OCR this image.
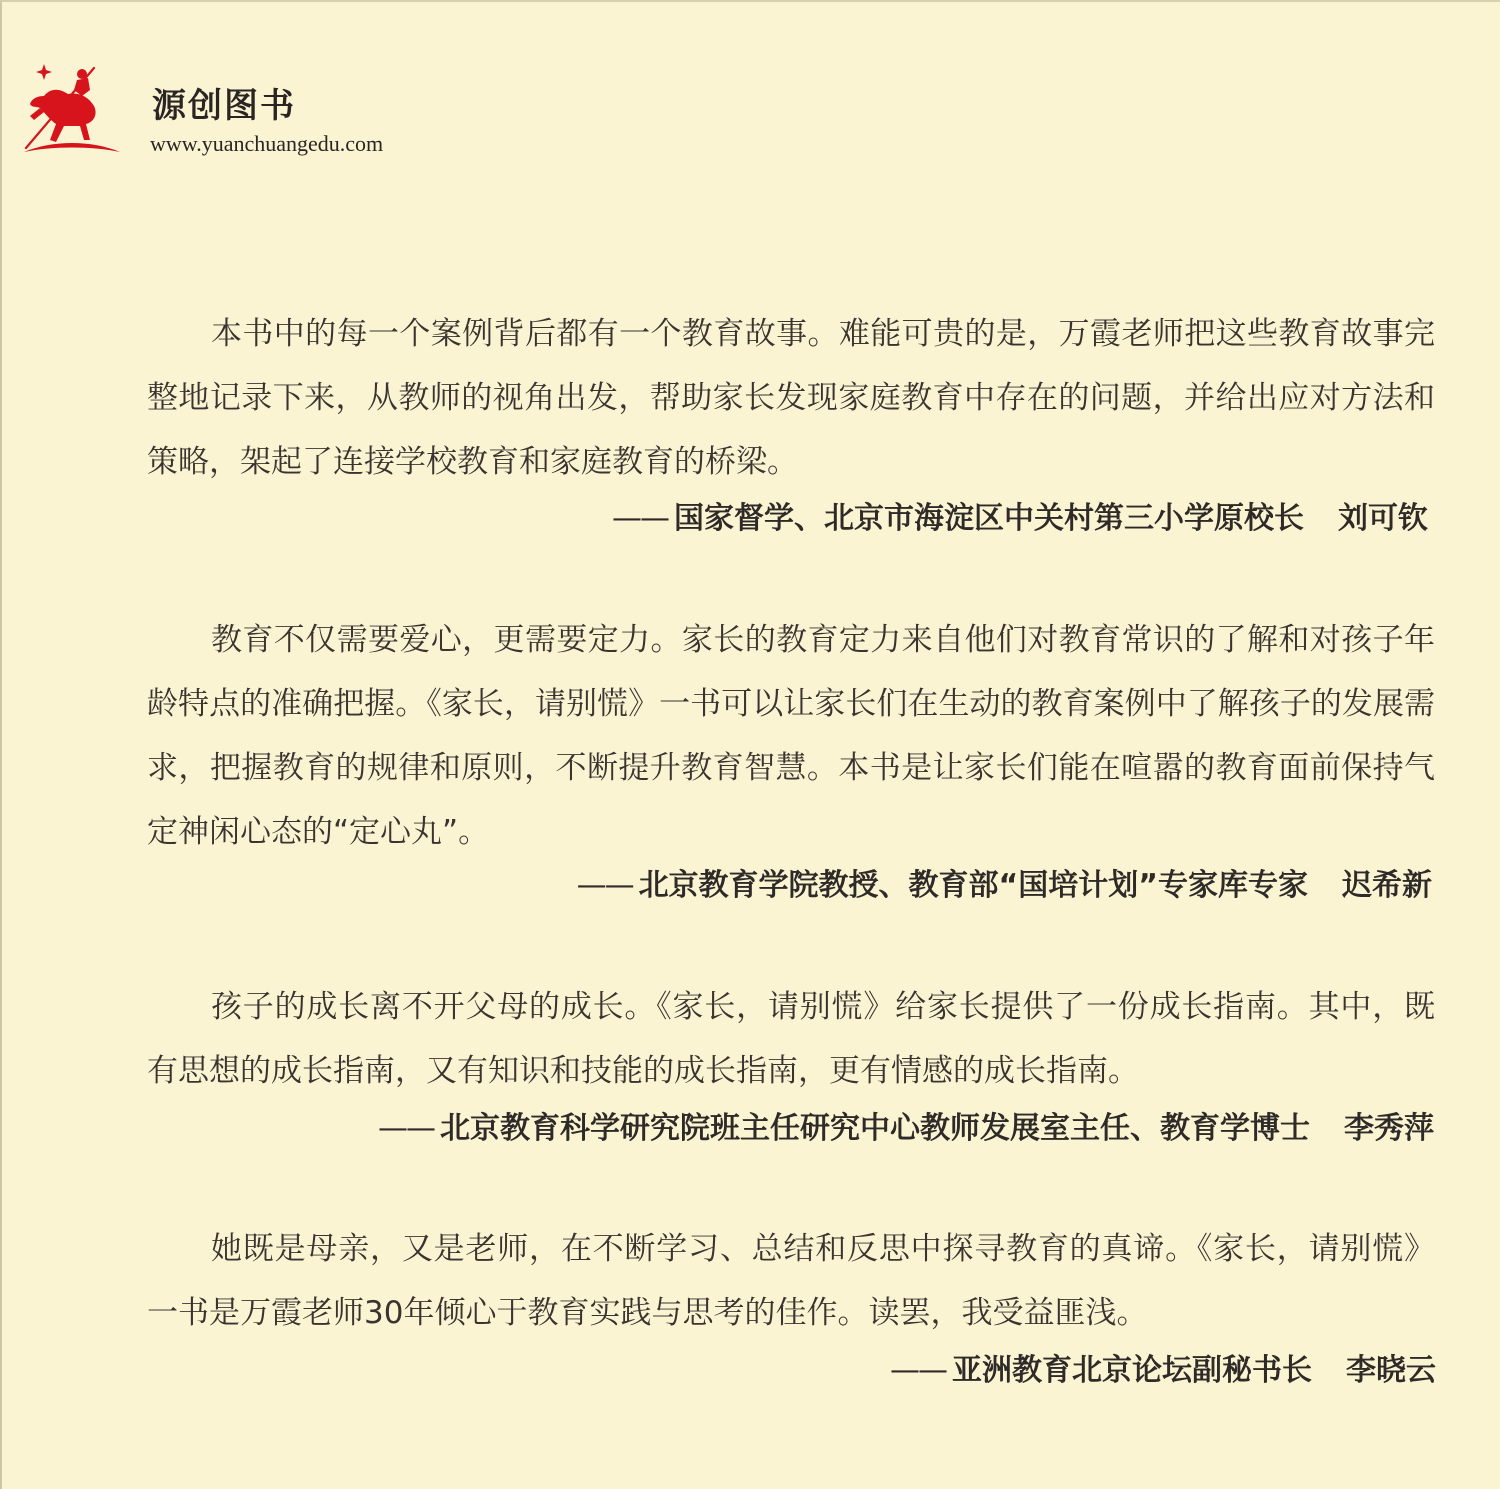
源创图书
www.yuanchuangedu.com

本书中的每一个案例背后都有一个教育故事。难能可贵的是，万霞老师把这些教育故事完整地记录下来，从教师的视角出发，帮助家长发现家庭教育中存在的问题，并给出应对方法和策略，架起了连接学校教育和家庭教育的桥梁。

—— 国家督学、北京市海淀区中关村第三小学原校长 刘可钦

教育不仅需要爱心，更需要定力。家长的教育定力来自他们对教育常识的了解和对孩子年龄特点的准确把握。《家长，请别慌》一书可以让家长们在生动的教育案例中了解孩子的发展需求，把握教育的规律和原则，不断提升教育智慧。本书是让家长们能在喧嚣的教育面前保持气定神闲心态的“定心丸”。

—— 北京教育学院教授、教育部“国培计划”专家库专家 迟希新

孩子的成长离不开父母的成长。《家长，请别慌》给家长提供了一份成长指南。其中，既有思想的成长指南，又有知识和技能的成长指南，更有情感的成长指南。

—— 北京教育科学研究院班主任研究中心教师发展室主任、教育学博士 李秀萍

她既是母亲，又是老师，在不断学习、总结和反思中探寻教育的真谛。《家长，请别慌》一书是万霞老师30年倾心于教育实践与思考的佳作。读罢，我受益匪浅。

—— 亚洲教育北京论坛副秘书长 李晓云
